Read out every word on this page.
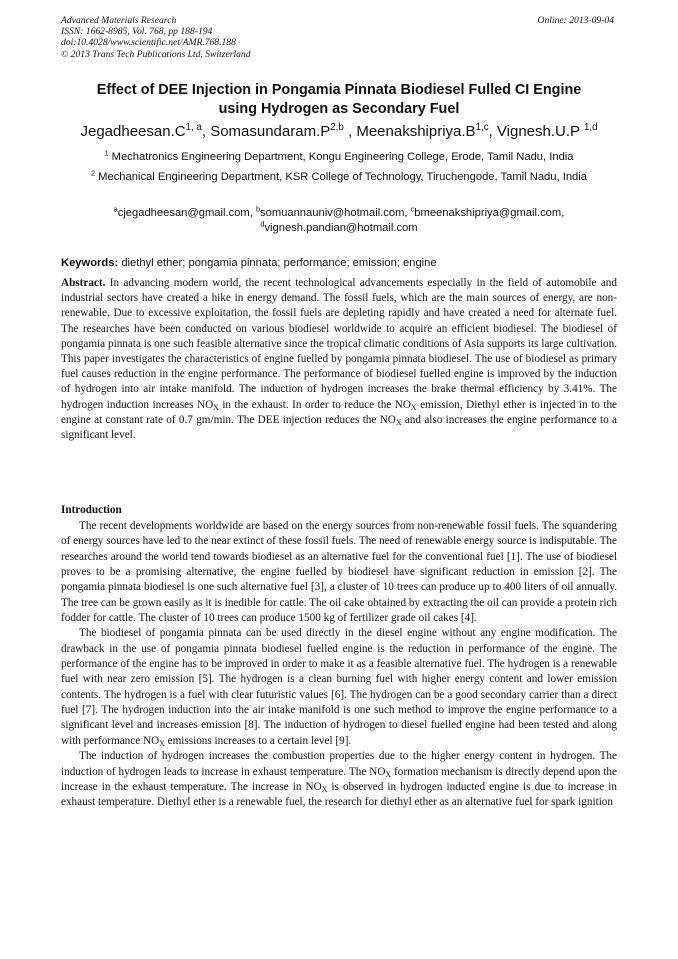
Advanced Materials Research
ISSN: 1662-8985, Vol. 768, pp 188-194
doi:10.4028/www.scientific.net/AMR.768.188
© 2013 Trans Tech Publications Ltd, Switzerland
Online: 2013-09-04
Effect of DEE Injection in Pongamia Pinnata Biodiesel Fulled CI Engine
using Hydrogen as Secondary Fuel
$Jegadheesan.C^{1, a}$, $Somasundaram.P^{2,b}$ , $Meenakshipriya.B^{1,c}$, Vignesh.U.P $^{1,d}$
$^1$ Mechatronics Engineering Department, Kongu Engineering College, Erode, Tamil Nadu, India
$^2$ Mechanical Engineering Department, KSR College of Technology, Tiruchengode, Tamil Nadu, India
$^a$cjegadheesan@gmail.com, $^b$somuannauniv@hotmail.com, $^c$bmeenakshipriya@gmail.com,
$^d$vignesh.pandian@hotmail.com
Keywords: diethyl ether; pongamia pinnata; performance; emission; engine
Abstract. In advancing modern world, the recent technological advancements especially in the field of automobile and industrial sectors have created a hike in energy demand. The fossil fuels, which are the main sources of energy, are non-renewable. Due to excessive exploitation, the fossil fuels are depleting rapidly and have created a need for alternate fuel. The researches have been conducted on various biodiesel worldwide to acquire an efficient biodiesel. The biodiesel of pongamia pinnata is one such feasible alternative since the tropical climatic conditions of Asia supports its large cultivation. This paper investigates the characteristics of engine fuelled by pongamia pinnata biodiesel. The use of biodiesel as primary fuel causes reduction in the engine performance. The performance of biodiesel fuelled engine is improved by the induction of hydrogen into air intake manifold. The induction of hydrogen increases the brake thermal efficiency by 3.41%. The hydrogen induction increases $NO_X$ in the exhaust. In order to reduce the $NO_X$ emission, Diethyl ether is injected in to the engine at constant rate of 0.7 gm/min. The DEE injection reduces the $NO_X$ and also increases the engine performance to a significant level.
Introduction

The recent developments worldwide are based on the energy sources from non-renewable fossil fuels. The squandering of energy sources have led to the near extinct of these fossil fuels. The need of renewable energy source is indisputable. The researches around the world tend towards biodiesel as an alternative fuel for the conventional fuel [1]. The use of biodiesel proves to be a promising alternative, the engine fuelled by biodiesel have significant reduction in emission [2]. The pongamia pinnata biodiesel is one such alternative fuel [3], a cluster of 10 trees can produce up to 400 liters of oil annually. The tree can be grown easily as it is inedible for cattle. The oil cake obtained by extracting the oil can provide a protein rich fodder for cattle. The cluster of 10 trees can produce 1500 kg of fertilizer grade oil cakes [4].

The biodiesel of pongamia pinnata can be used directly in the diesel engine without any engine modification. The drawback in the use of pongamia pinnata biodiesel fuelled engine is the reduction in performance of the engine. The performance of the engine has to be improved in order to make it as a feasible alternative fuel. The hydrogen is a renewable fuel with near zero emission [5]. The hydrogen is a clean burning fuel with higher energy content and lower emission contents. The hydrogen is a fuel with clear futuristic values [6]. The hydrogen can be a good secondary carrier than a direct fuel [7]. The hydrogen induction into the air intake manifold is one such method to improve the engine performance to a significant level and increases emission [8]. The induction of hydrogen to diesel fuelled engine had been tested and along with performance $NO_X$ emissions increases to a certain level [9].

The induction of hydrogen increases the combustion properties due to the higher energy content in hydrogen. The induction of hydrogen leads to increase in exhaust temperature. The $NO_X$ formation mechanism is directly depend upon the increase in the exhaust temperature. The increase in $NO_X$ is observed in hydrogen inducted engine is due to increase in exhaust temperature. Diethyl ether is a renewable fuel, the research for diethyl ether as an alternative fuel for spark ignition
